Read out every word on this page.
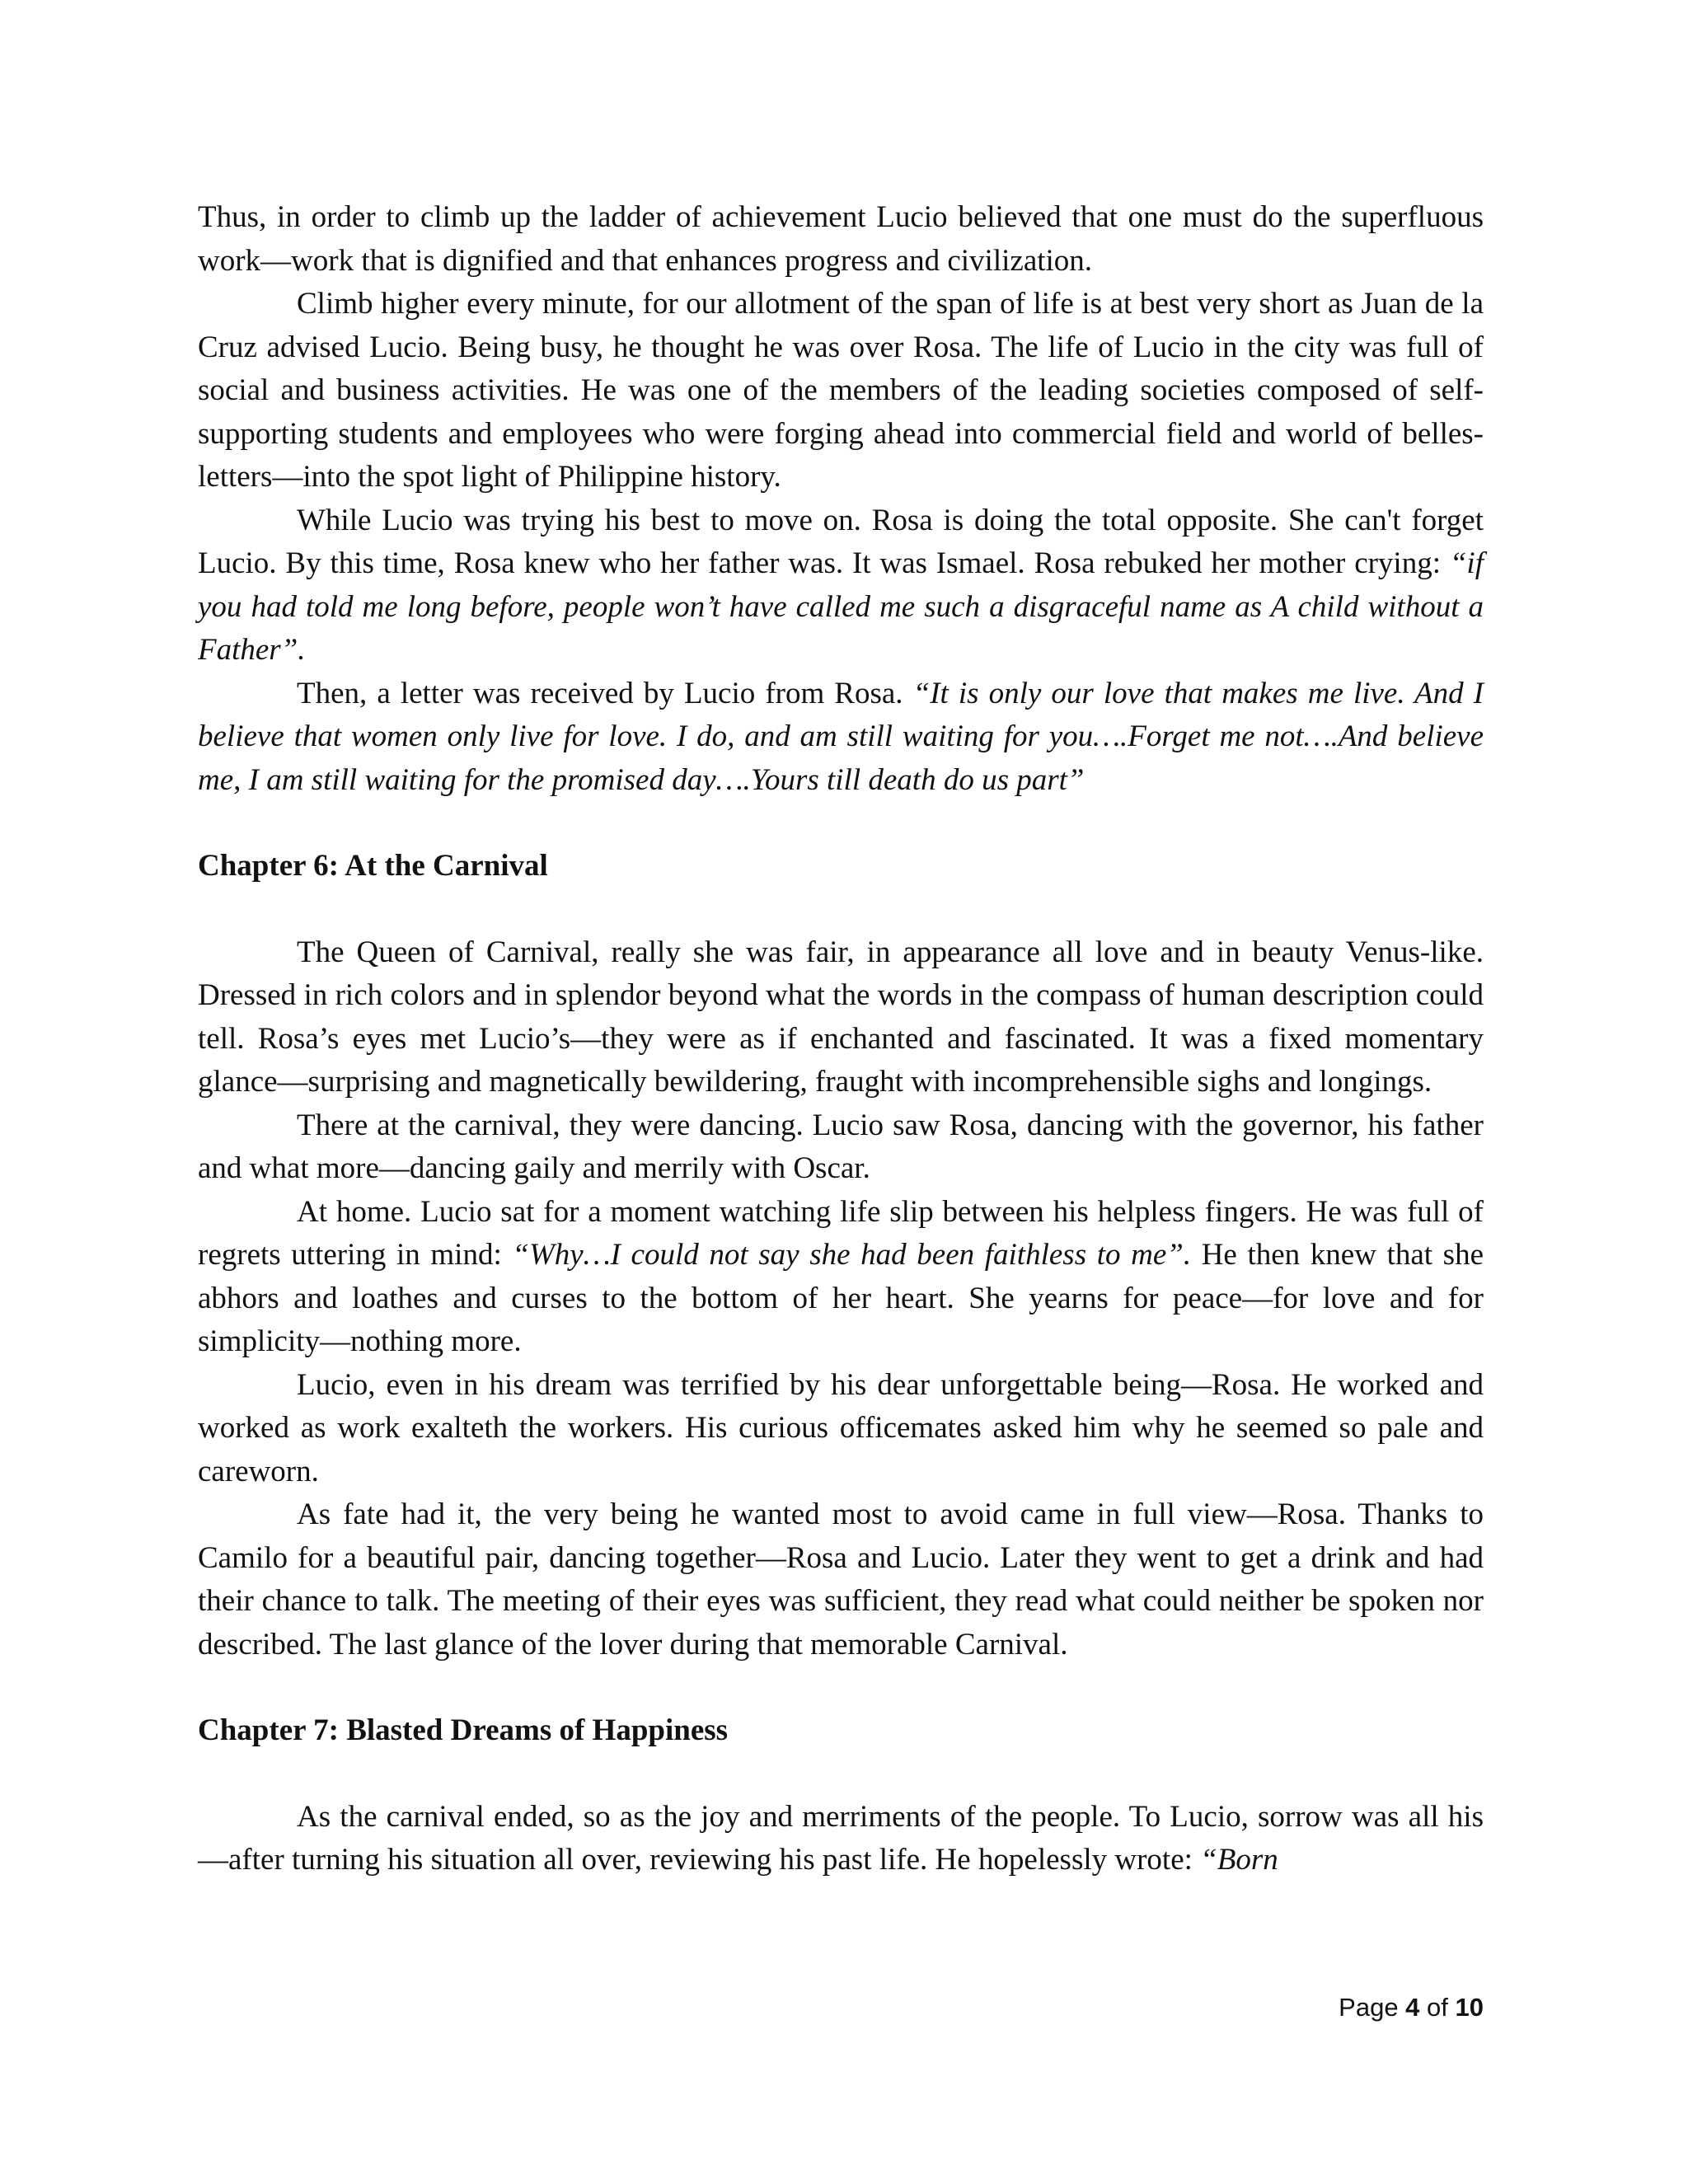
Thus, in order to climb up the ladder of achievement Lucio believed that one must do the superfluous work—work that is dignified and that enhances progress and civilization.

Climb higher every minute, for our allotment of the span of life is at best very short as Juan de la Cruz advised Lucio. Being busy, he thought he was over Rosa. The life of Lucio in the city was full of social and business activities. He was one of the members of the leading societies composed of self-supporting students and employees who were forging ahead into commercial field and world of belles-letters—into the spot light of Philippine history.

While Lucio was trying his best to move on. Rosa is doing the total opposite. She can't forget Lucio. By this time, Rosa knew who her father was. It was Ismael. Rosa rebuked her mother crying: “if you had told me long before, people won’t have called me such a disgraceful name as A child without a Father”.

Then, a letter was received by Lucio from Rosa. “It is only our love that makes me live. And I believe that women only live for love. I do, and am still waiting for you….Forget me not….And believe me, I am still waiting for the promised day….Yours till death do us part”

Chapter 6: At the Carnival

The Queen of Carnival, really she was fair, in appearance all love and in beauty Venus-like. Dressed in rich colors and in splendor beyond what the words in the compass of human description could tell. Rosa’s eyes met Lucio’s—they were as if enchanted and fascinated. It was a fixed momentary glance—surprising and magnetically bewildering, fraught with incomprehensible sighs and longings.

There at the carnival, they were dancing. Lucio saw Rosa, dancing with the governor, his father and what more—dancing gaily and merrily with Oscar.

At home. Lucio sat for a moment watching life slip between his helpless fingers. He was full of regrets uttering in mind: “Why…I could not say she had been faithless to me”. He then knew that she abhors and loathes and curses to the bottom of her heart. She yearns for peace—for love and for simplicity—nothing more.

Lucio, even in his dream was terrified by his dear unforgettable being—Rosa. He worked and worked as work exalteth the workers. His curious officemates asked him why he seemed so pale and careworn.

As fate had it, the very being he wanted most to avoid came in full view—Rosa. Thanks to Camilo for a beautiful pair, dancing together—Rosa and Lucio. Later they went to get a drink and had their chance to talk. The meeting of their eyes was sufficient, they read what could neither be spoken nor described. The last glance of the lover during that memorable Carnival.

Chapter 7: Blasted Dreams of Happiness

As the carnival ended, so as the joy and merriments of the people. To Lucio, sorrow was all his—after turning his situation all over, reviewing his past life. He hopelessly wrote: “Born

Page 4 of 10
